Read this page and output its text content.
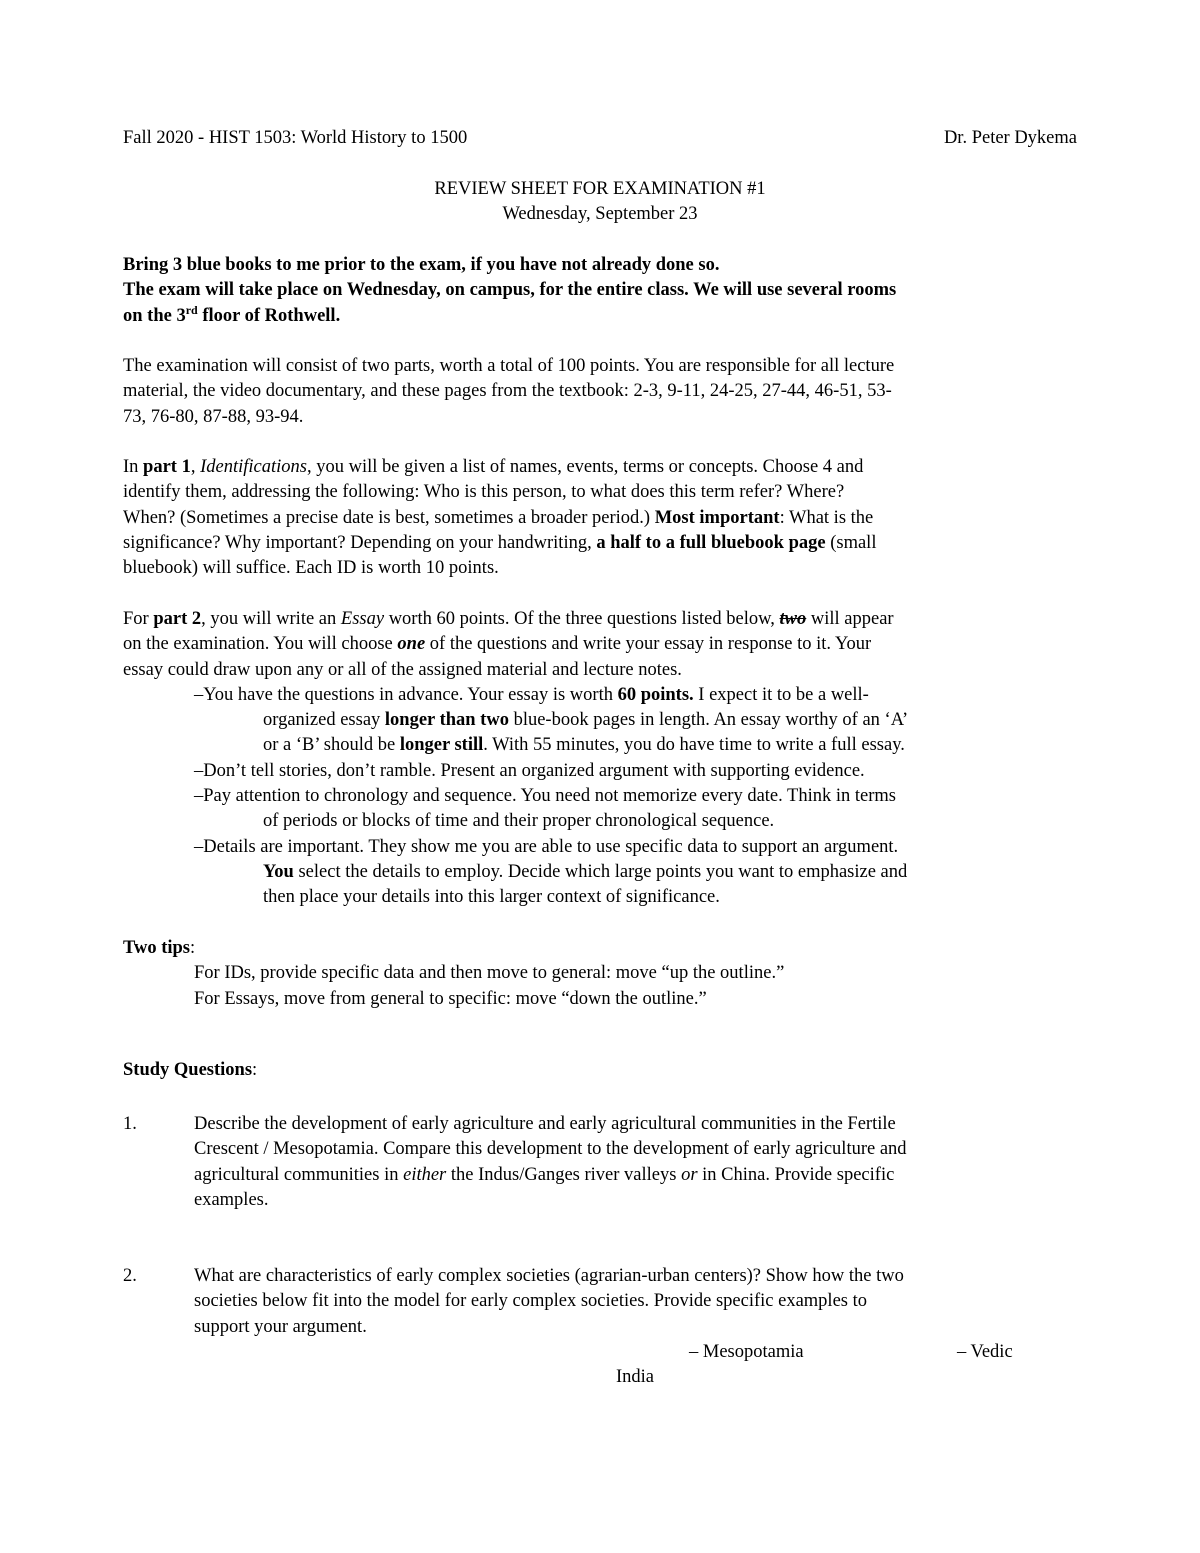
Fall 2020 - HIST 1503: World History to 1500	Dr. Peter Dykema
REVIEW SHEET FOR EXAMINATION #1
Wednesday, September 23

Bring 3 blue books to me prior to the exam, if you have not already done so.

The exam will take place on Wednesday, on campus, for the entire class. We will use several rooms

on the 3rd floor of Rothwell.

The examination will consist of two parts, worth a total of 100 points. You are responsible for all lecture

material, the video documentary, and these pages from the textbook: 2-3, 9-11, 24-25, 27-44, 46-51, 53-

73, 76-80, 87-88, 93-94.

In part 1, Identifications, you will be given a list of names, events, terms or concepts. Choose 4 and

identify them, addressing the following: Who is this person, to what does this term refer? Where?

When? (Sometimes a precise date is best, sometimes a broader period.) Most important: What is the

significance? Why important? Depending on your handwriting, a half to a full bluebook page (small

bluebook) will suffice. Each ID is worth 10 points.

For part 2, you will write an Essay worth 60 points. Of the three questions listed below, two will appear

on the examination. You will choose one of the questions and write your essay in response to it. Your

essay could draw upon any or all of the assigned material and lecture notes.

–You have the questions in advance. Your essay is worth 60 points. I expect it to be a well-

organized essay longer than two blue-book pages in length. An essay worthy of an ‘A’

or a ‘B’ should be longer still. With 55 minutes, you do have time to write a full essay.

–Don’t tell stories, don’t ramble. Present an organized argument with supporting evidence.

–Pay attention to chronology and sequence. You need not memorize every date. Think in terms

of periods or blocks of time and their proper chronological sequence.

–Details are important. They show me you are able to use specific data to support an argument.

You select the details to employ. Decide which large points you want to emphasize and

then place your details into this larger context of significance.

Two tips:

For IDs, provide specific data and then move to general: move “up the outline.”

For Essays, move from general to specific: move “down the outline.”

Study Questions:

1.	Describe the development of early agriculture and early agricultural communities in the Fertile

Crescent / Mesopotamia. Compare this development to the development of early agriculture and

agricultural communities in either the Indus/Ganges river valleys or in China. Provide specific

examples.

2.	What are characteristics of early complex societies (agrarian-urban centers)? Show how the two

societies below fit into the model for early complex societies. Provide specific examples to

support your argument.

– Mesopotamia	– Vedic
India
